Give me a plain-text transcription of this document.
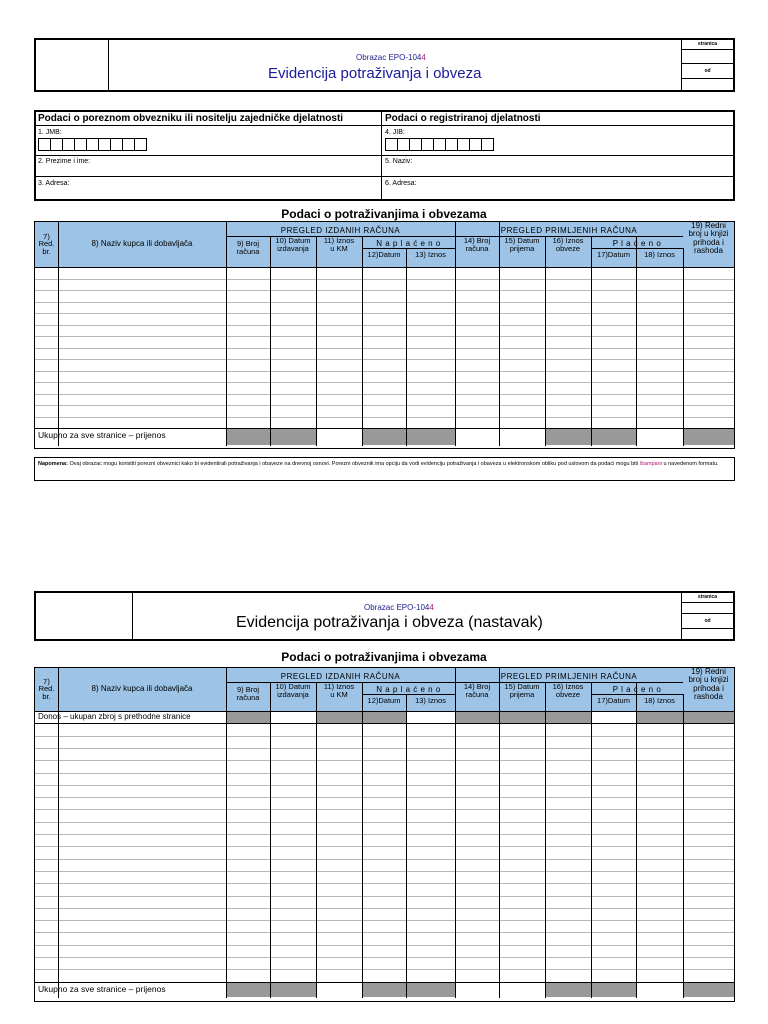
Obrazac EPO-1044
Evidencija potraživanja i obveza
stranica
od
Podaci o poreznom obvezniku ili nositelju zajedničke djelatnosti	Podaci o registriranoj djelatnosti
1. JMB:
2. Prezime i ime:
3. Adresa:
4. JIB:
5. Naziv:
6. Adresa:
Podaci o potraživanjima i obvezama
7)
Red.
br.
8) Naziv kupca ili dobavljača
PREGLED IZDANIH RAČUNA	PREGLED PRIMLJENIH RAČUNA
9) Broj
računa
10) Datum
izdavanja
11) Iznos
u KM
N a p l a ć e n o
12)Datum	13) Iznos
14) Broj
računa
15) Datum
prijema
16) Iznos
obveze
P l a ć e n o
17)Datum	18) Iznos
19) Redni
broj u knjizi
prihoda i
rashoda
Ukupno za sve stranice – prijenos
Napomena: Ovaj obrazac mogu koristiti porezni obveznici kako bi evidentirali potraživanja i obaveze na dnevnoj osnovi. Porezni obveznik ima opciju da vodi evidenciju potraživanja i obaveza u elektronskom obliku pod uslovom da podaci mogu biti štampani u navedenom formatu.
Obrazac EPO-1044
Evidencija potraživanja i obveza (nastavak)
stranica
od
Podaci o potraživanjima i obvezama
7)
Red.
br.
8) Naziv kupca ili dobavljača
PREGLED IZDANIH RAČUNA	PREGLED PRIMLJENIH RAČUNA
9) Broj
računa
10) Datum
izdavanja
11) Iznos
u KM
N a p l a ć e n o
12)Datum	13) Iznos
14) Broj
računa
15) Datum
prijema
16) Iznos
obveze
P l a ć e n o
17)Datum	18) Iznos
19) Redni
broj u knjizi
prihoda i
rashoda
Donos – ukupan zbroj s prethodne stranice
Ukupno za sve stranice – prijenos
